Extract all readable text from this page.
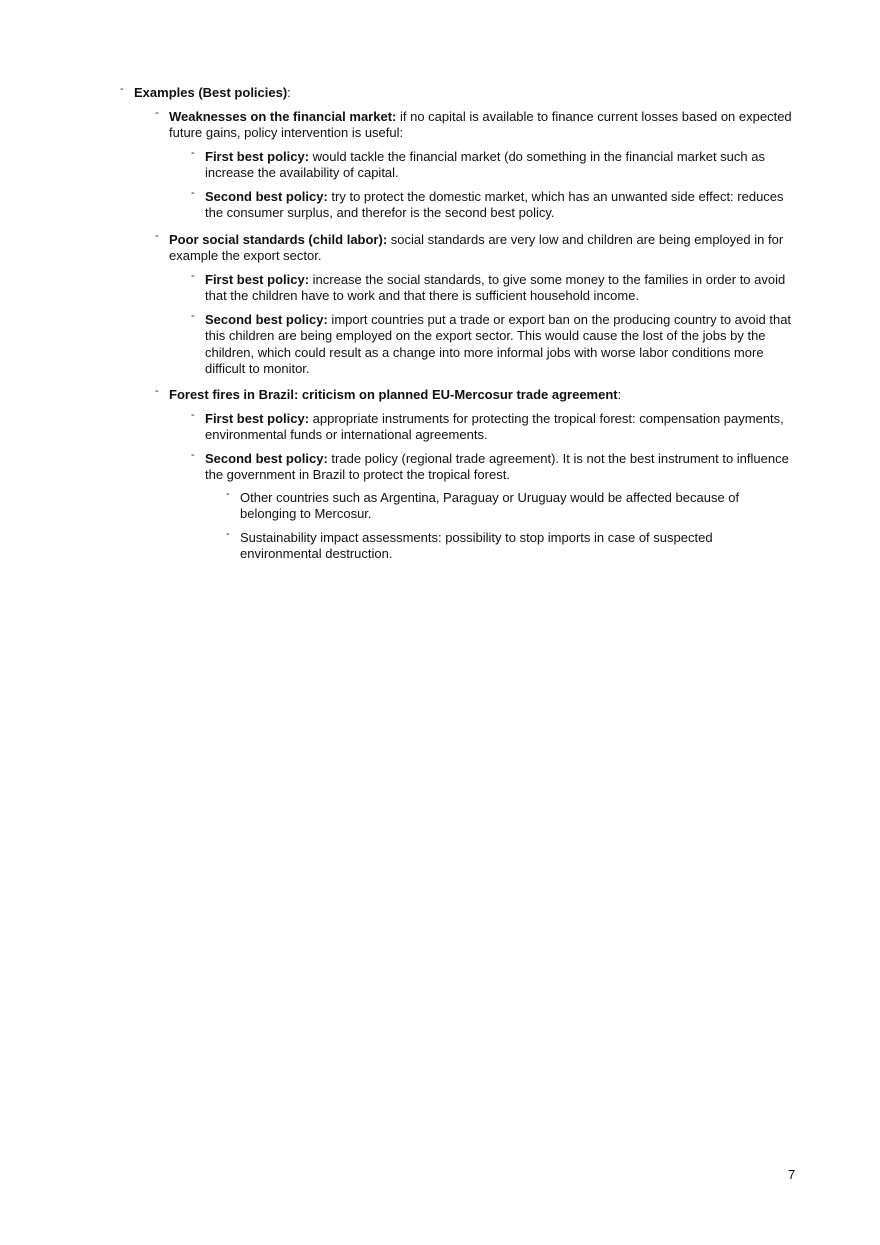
- Examples (Best policies):
- Weaknesses on the financial market: if no capital is available to finance current losses based on expected future gains, policy intervention is useful:
- First best policy: would tackle the financial market (do something in the financial market such as increase the availability of capital.
- Second best policy: try to protect the domestic market, which has an unwanted side effect: reduces the consumer surplus, and therefor is the second best policy.
- Poor social standards (child labor): social standards are very low and children are being employed in for example the export sector.
- First best policy: increase the social standards, to give some money to the families in order to avoid that the children have to work and that there is sufficient household income.
- Second best policy: import countries put a trade or export ban on the producing country to avoid that this children are being employed on the export sector. This would cause the lost of the jobs by the children, which could result as a change into more informal jobs with worse labor conditions more difficult to monitor.
- Forest fires in Brazil: criticism on planned EU-Mercosur trade agreement:
- First best policy: appropriate instruments for protecting the tropical forest: compensation payments, environmental funds or international agreements.
- Second best policy: trade policy (regional trade agreement). It is not the best instrument to influence the government in Brazil to protect the tropical forest.
- Other countries such as Argentina, Paraguay or Uruguay would be affected because of belonging to Mercosur.
- Sustainability impact assessments: possibility to stop imports in case of suspected environmental destruction.
7
